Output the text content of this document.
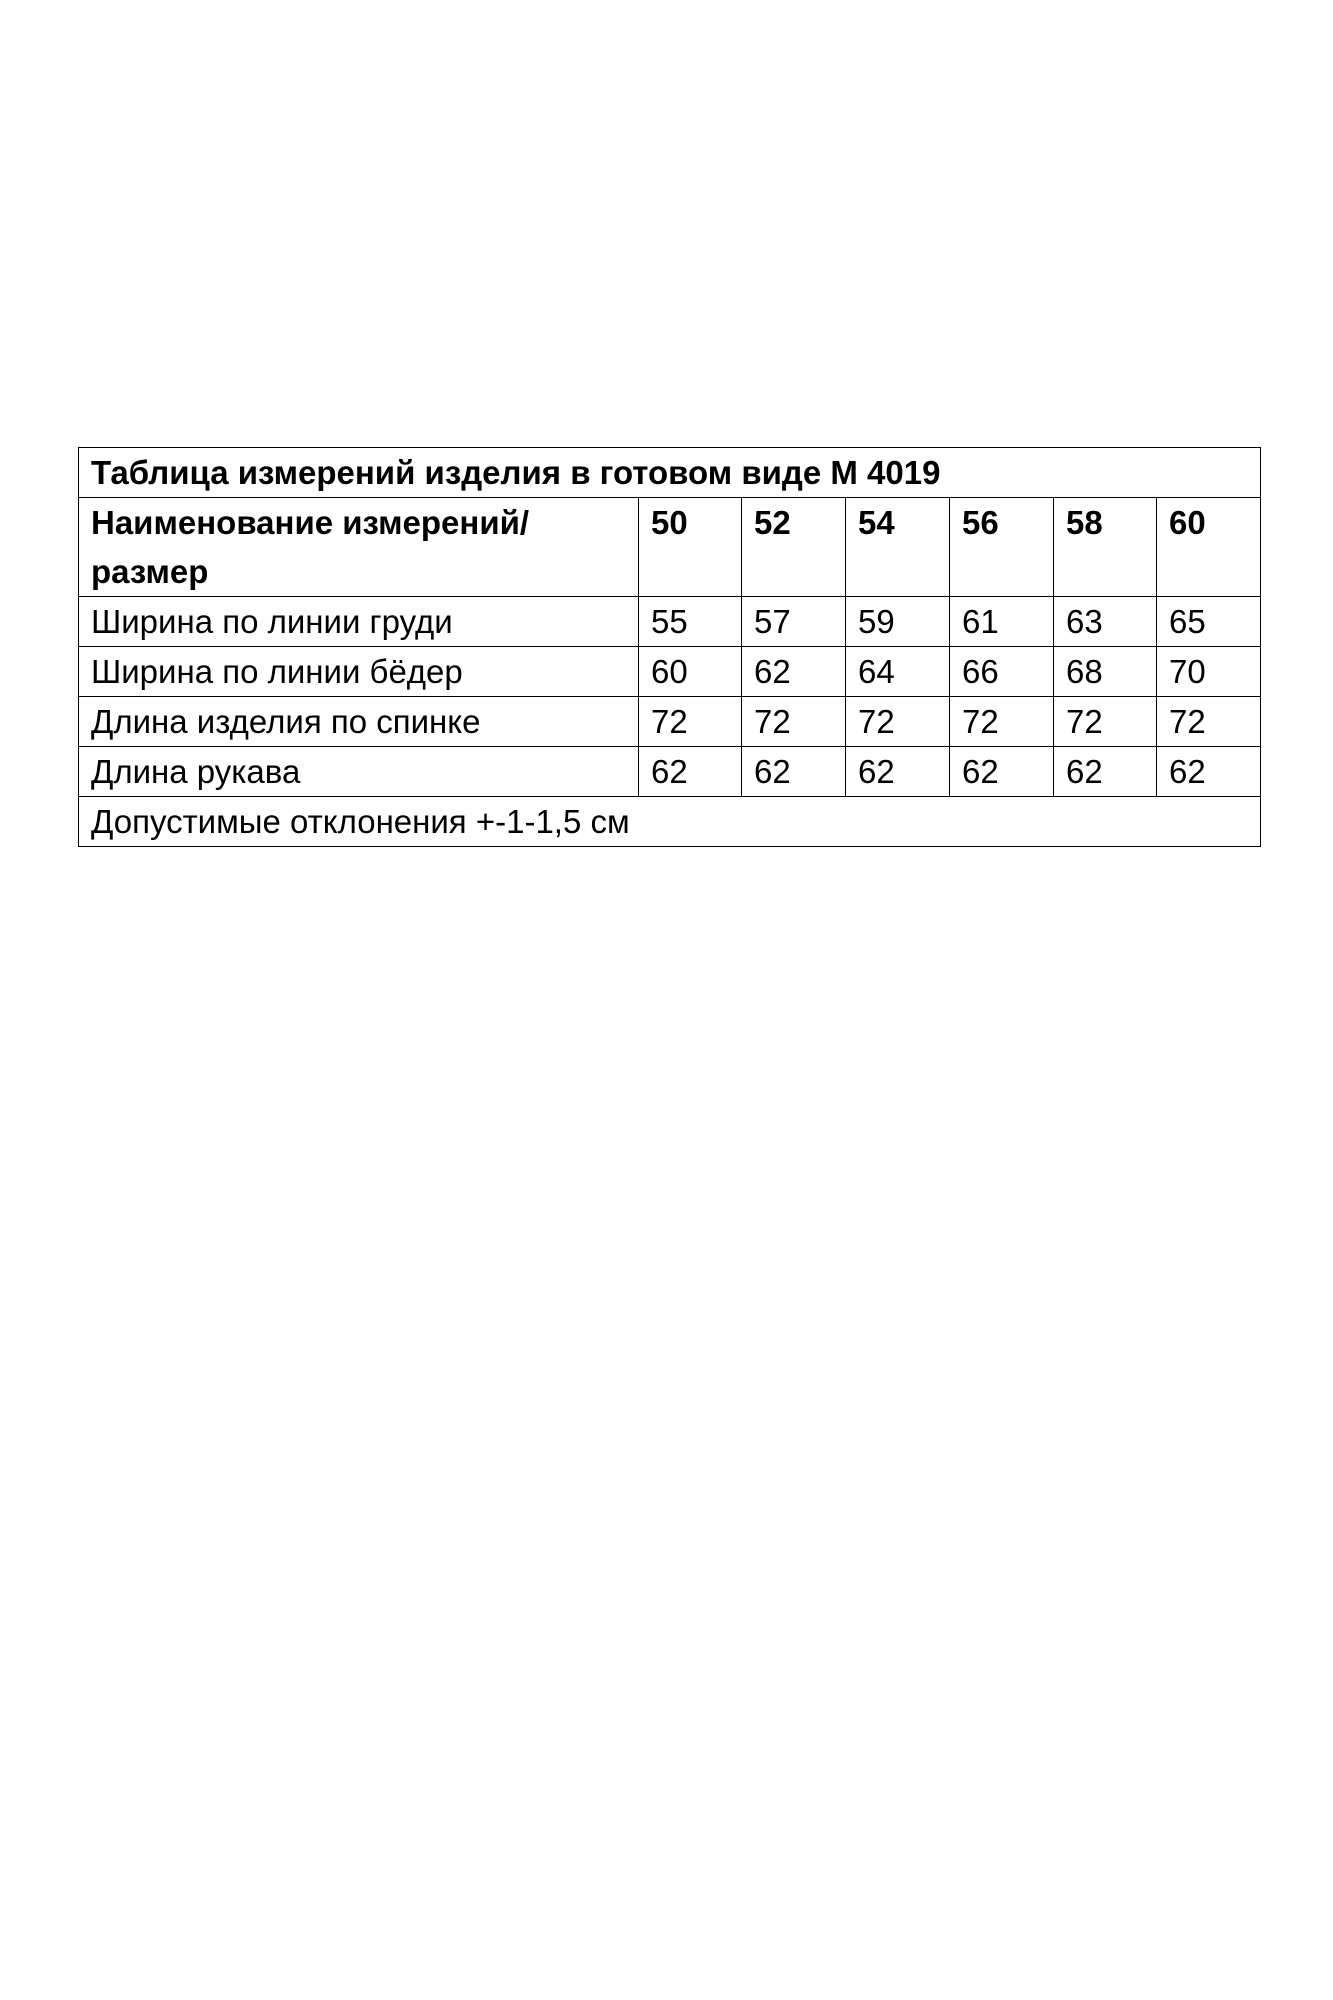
Таблица измерений изделия в готовом виде М 4019						
Наименование измерений/размер	50	52	54	56	58	60
Ширина по линии груди	55	57	59	61	63	65
Ширина по линии бёдер	60	62	64	66	68	70
Длина изделия по спинке	72	72	72	72	72	72
Длина рукава	62	62	62	62	62	62
Допустимые отклонения +-1-1,5 см						
